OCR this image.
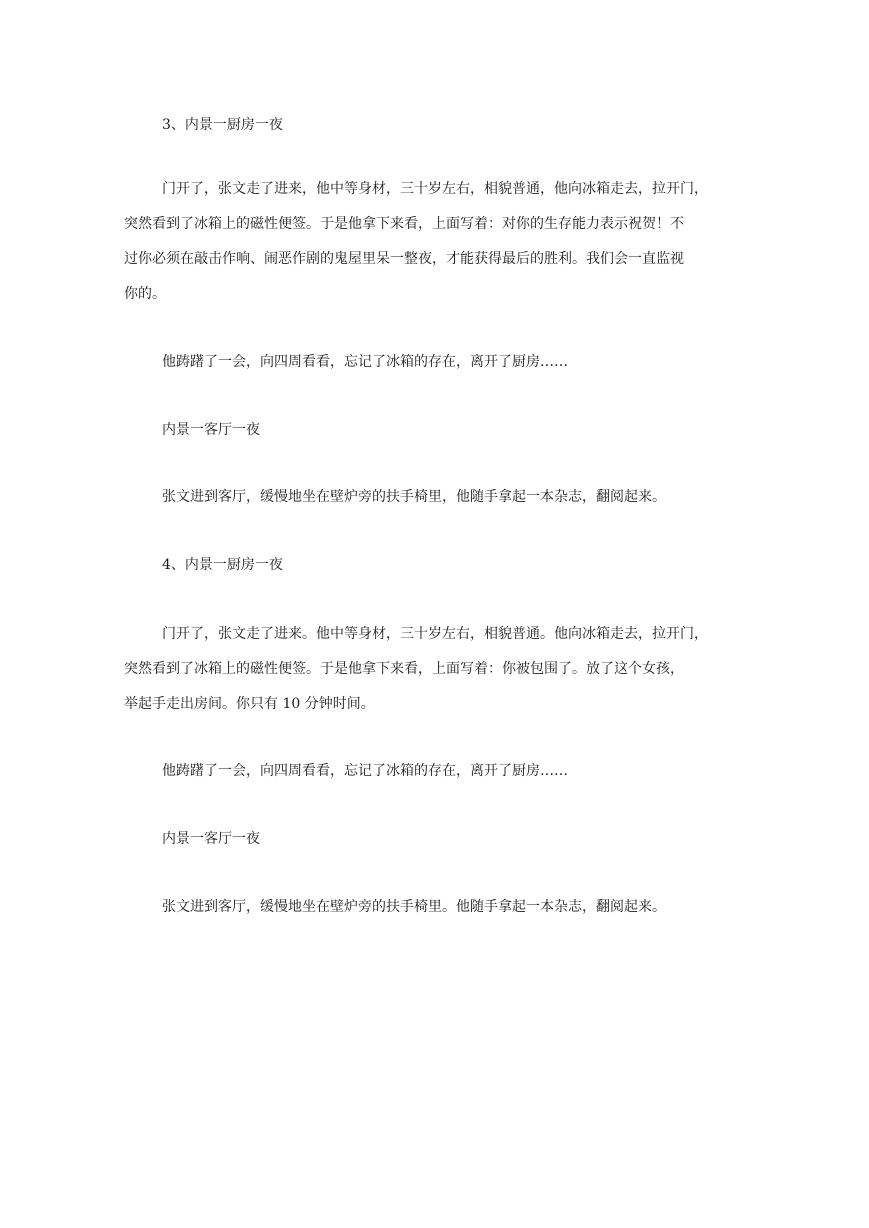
3、内景一厨房一夜

门开了，张文走了进来，他中等身材，三十岁左右，相貌普通，他向冰箱走去，拉开门，
突然看到了冰箱上的磁性便签。于是他拿下来看，上面写着：对你的生存能力表示祝贺！不
过你必须在敲击作响、闹恶作剧的鬼屋里呆一整夜，才能获得最后的胜利。我们会一直监视
你的。

他踌躇了一会，向四周看看，忘记了冰箱的存在，离开了厨房……

内景一客厅一夜

张文进到客厅，缓慢地坐在壁炉旁的扶手椅里，他随手拿起一本杂志，翻阅起来。

4、内景一厨房一夜

门开了，张文走了进来。他中等身材，三十岁左右，相貌普通。他向冰箱走去，拉开门，
突然看到了冰箱上的磁性便签。于是他拿下来看，上面写着：你被包围了。放了这个女孩，
举起手走出房间。你只有 10 分钟时间。

他踌躇了一会，向四周看看，忘记了冰箱的存在，离开了厨房……

内景一客厅一夜

张文进到客厅，缓慢地坐在壁炉旁的扶手椅里。他随手拿起一本杂志，翻阅起来。
